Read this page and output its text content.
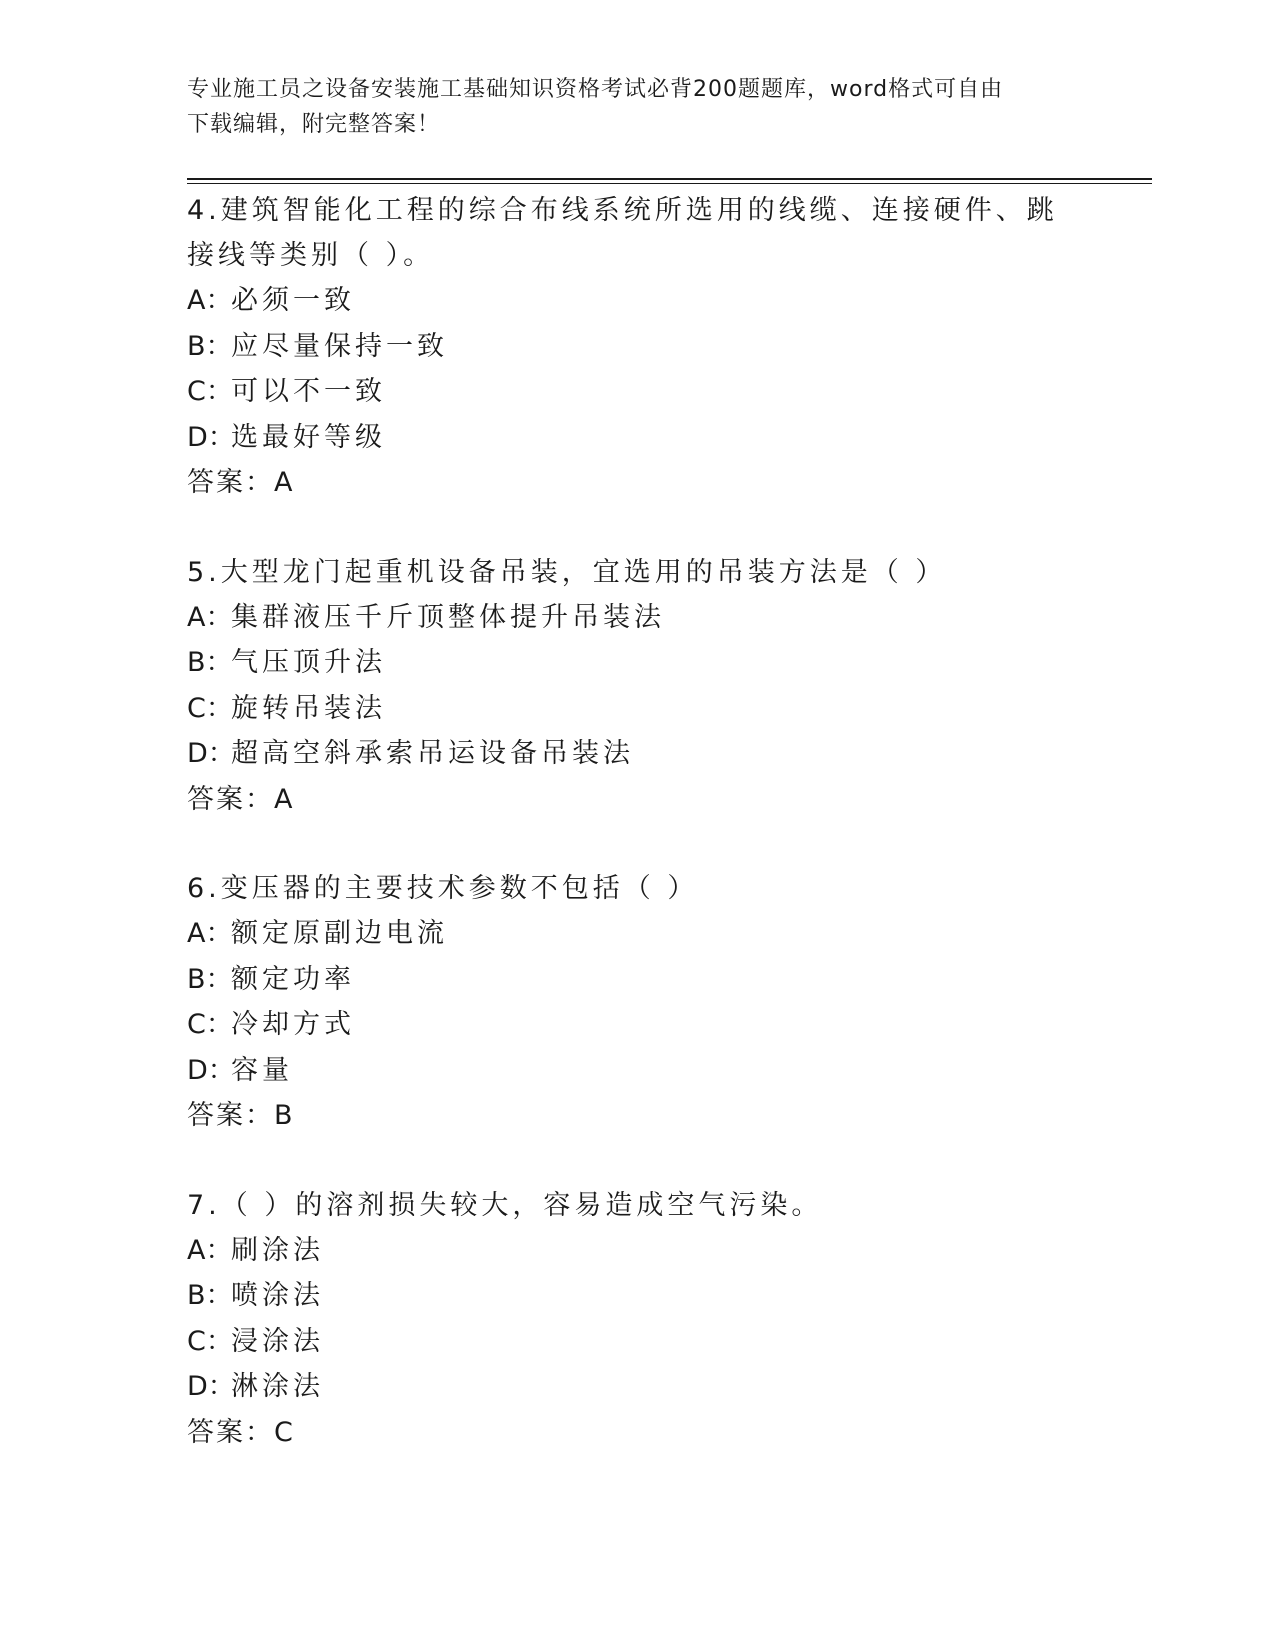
专业施工员之设备安装施工基础知识资格考试必背200题题库，word格式可自由
下载编辑，附完整答案！
4.建筑智能化工程的综合布线系统所选用的线缆、连接硬件、跳接线等类别（ ）。
A：必须一致
B：应尽量保持一致
C：可以不一致
D：选最好等级
答案：A
5.大型龙门起重机设备吊装，宜选用的吊装方法是（ ）
A：集群液压千斤顶整体提升吊装法
B：气压顶升法
C：旋转吊装法
D：超高空斜承索吊运设备吊装法
答案：A
6.变压器的主要技术参数不包括（ ）
A：额定原副边电流
B：额定功率
C：冷却方式
D：容量
答案：B
7.（ ）的溶剂损失较大，容易造成空气污染。
A：刷涂法
B：喷涂法
C：浸涂法
D：淋涂法
答案：C
